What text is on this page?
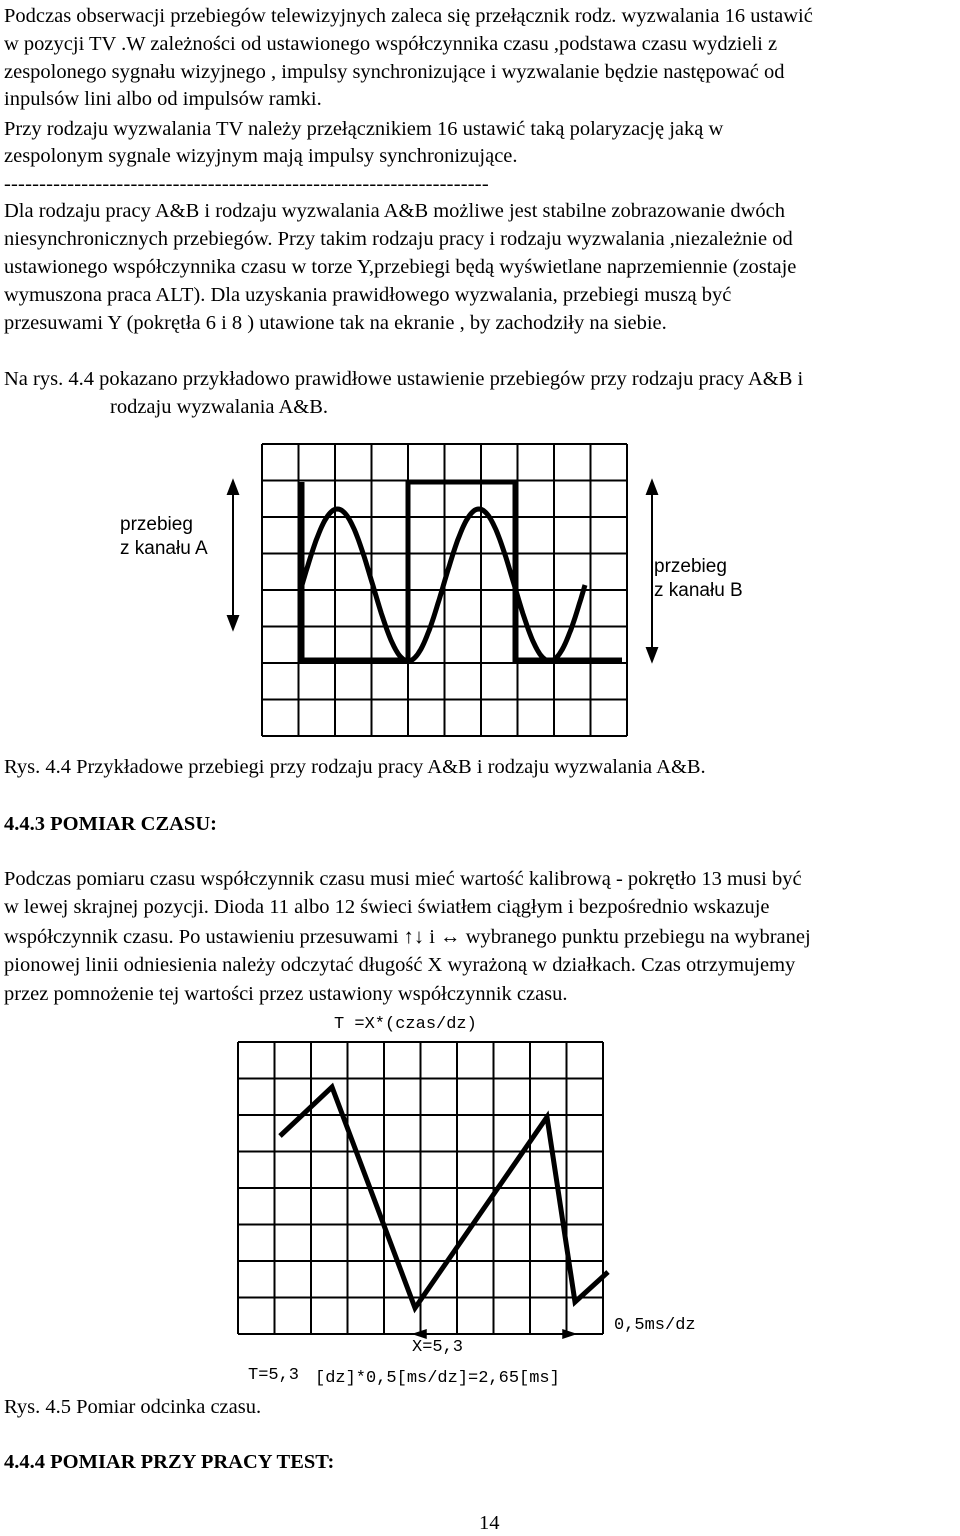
Podczas obserwacji przebiegów telewizyjnych zaleca się przełącznik rodz. wyzwalania 16 ustawić
w pozycji TV .W zależności od ustawionego współczynnika czasu ,podstawa czasu wydzieli z
zespolonego sygnału wizyjnego , impulsy synchronizujące i wyzwalanie będzie następować od
inpulsów lini albo od impulsów ramki.
Przy rodzaju wyzwalania TV należy przełącznikiem 16 ustawić taką polaryzację jaką w
zespolonym sygnale wizyjnym mają impulsy synchronizujące.
---------------------------------------------------------------------
Dla rodzaju pracy A&B i rodzaju wyzwalania A&B możliwe jest stabilne zobrazowanie dwóch
niesynchronicznych przebiegów. Przy takim rodzaju pracy i rodzaju wyzwalania ,niezależnie od
ustawionego współczynnika czasu w torze Y,przebiegi będą wyświetlane naprzemiennie (zostaje
wymuszona praca ALT). Dla uzyskania prawidłowego wyzwalania, przebiegi muszą być
przesuwami Y (pokrętła 6 i 8 ) utawione tak na ekranie , by zachodziły na siebie.
Na rys. 4.4 pokazano przykładowo prawidłowe ustawienie przebiegów przy rodzaju pracy A&B i
rodzaju wyzwalania A&B.
przebieg
z kanału A
przebieg
z kanału B
Rys. 4.4 Przykładowe przebiegi przy rodzaju pracy A&B i rodzaju wyzwalania A&B.
4.4.3 POMIAR CZASU:
Podczas pomiaru czasu współczynnik czasu musi mieć wartość kalibrową - pokrętło 13 musi być
w lewej skrajnej pozycji. Dioda 11 albo 12 świeci światłem ciągłym i bezpośrednio wskazuje
współczynnik czasu. Po ustawieniu przesuwami ↑↓ i ↔ wybranego punktu przebiegu na wybranej
pionowej linii odniesienia należy odczytać długość X wyrażoną w działkach. Czas otrzymujemy
przez pomnożenie tej wartości przez ustawiony współczynnik czasu.
T =X*(czas/dz)
0,5ms/dz
X=5,3
T=5,3 [dz]*0,5[ms/dz]=2,65[ms]
Rys. 4.5 Pomiar odcinka czasu.
4.4.4 POMIAR PRZY PRACY TEST:
14
